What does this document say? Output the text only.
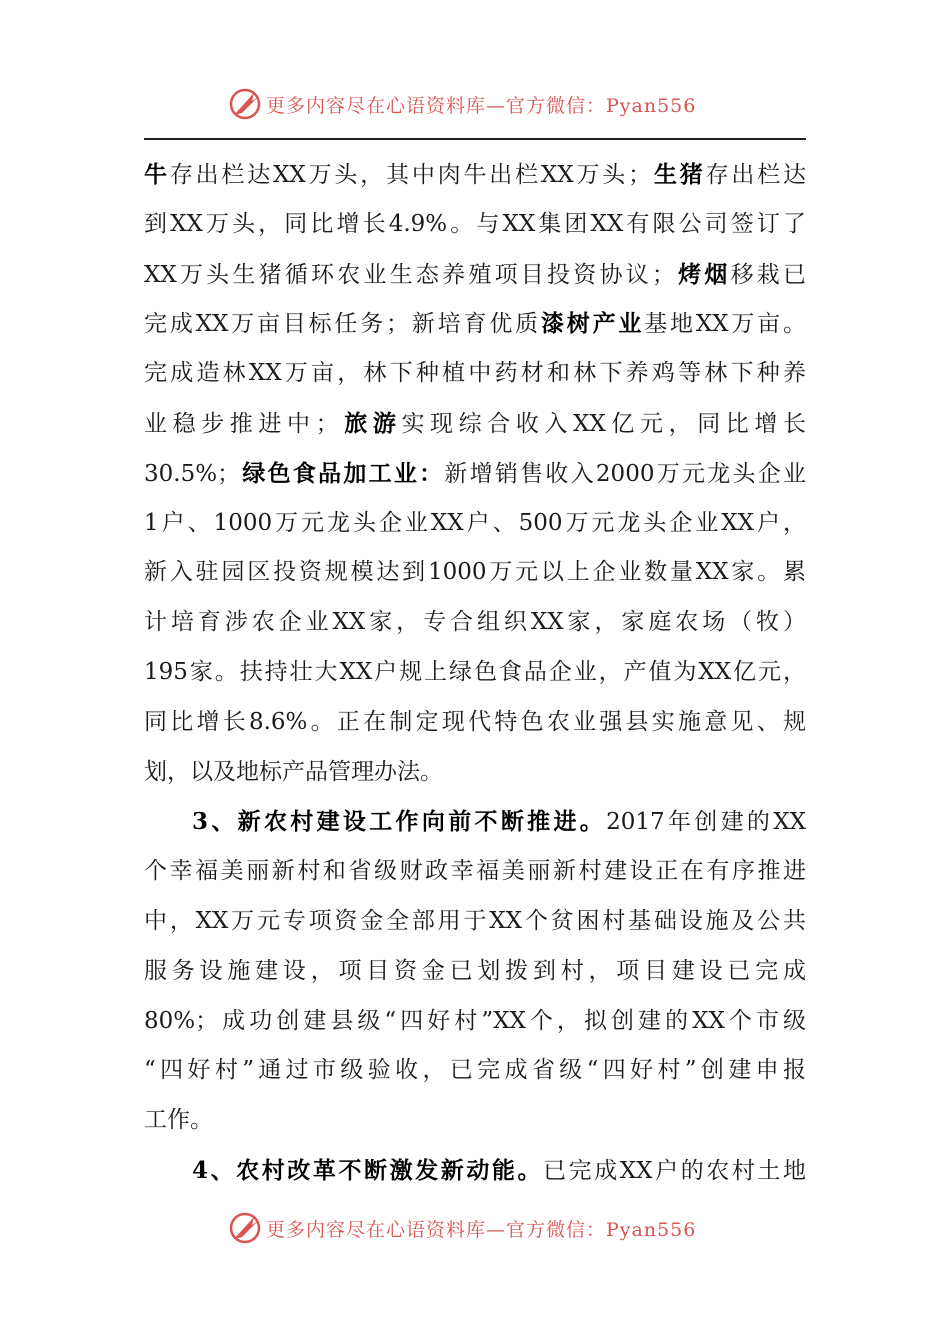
更多内容尽在心语资料库—官方微信：Pyan556
牛存出栏达XX万头，其中肉牛出栏XX万头；生猪存出栏达
到XX万头，同比增长4.9%。与XX集团XX有限公司签订了
XX万头生猪循环农业生态养殖项目投资协议；烤烟移栽已
完成XX万亩目标任务；新培育优质漆树产业基地XX万亩。
完成造林XX万亩，林下种植中药材和林下养鸡等林下种养
业稳步推进中；旅游实现综合收入XX亿元，同比增长
30.5%；绿色食品加工业：新增销售收入2000万元龙头企业
1户、1000万元龙头企业XX户、500万元龙头企业XX户，
新入驻园区投资规模达到1000万元以上企业数量XX家。累
计培育涉农企业XX家，专合组织XX家，家庭农场（牧）
195家。扶持壮大XX户规上绿色食品企业，产值为XX亿元，
同比增长8.6%。正在制定现代特色农业强县实施意见、规
划，以及地标产品管理办法。
3、新农村建设工作向前不断推进。2017年创建的XX
个幸福美丽新村和省级财政幸福美丽新村建设正在有序推进
中，XX万元专项资金全部用于XX个贫困村基础设施及公共
服务设施建设，项目资金已划拨到村，项目建设已完成
80%；成功创建县级“四好村”XX个，拟创建的XX个市级
“四好村”通过市级验收，已完成省级“四好村”创建申报
工作。
4、农村改革不断激发新动能。已完成XX户的农村土地
更多内容尽在心语资料库—官方微信：Pyan556
